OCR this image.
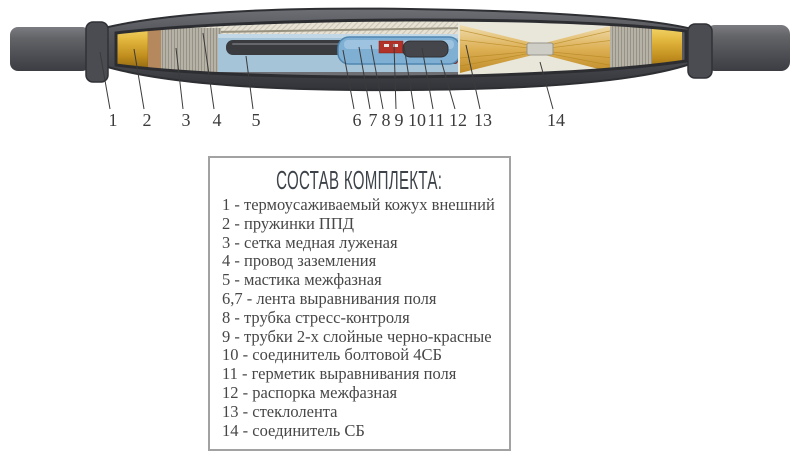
1 2 3 4 5	6 7 8 9 10 11 12 13	14
СОСТАВ КОМПЛЕКТА:
1 - термоусаживаемый кожух внешний
2 - пружинки ППД
3 - сетка медная луженая
4 - провод заземления
5 - мастика межфазная
6,7 - лента выравнивания поля
8 - трубка стресс-контроля
9 - трубки 2-х слойные черно-красные
10 - соединитель болтовой 4СБ
11 - герметик выравнивания поля
12 - распорка межфазная
13 - стеклолента
14 - соединитель СБ
